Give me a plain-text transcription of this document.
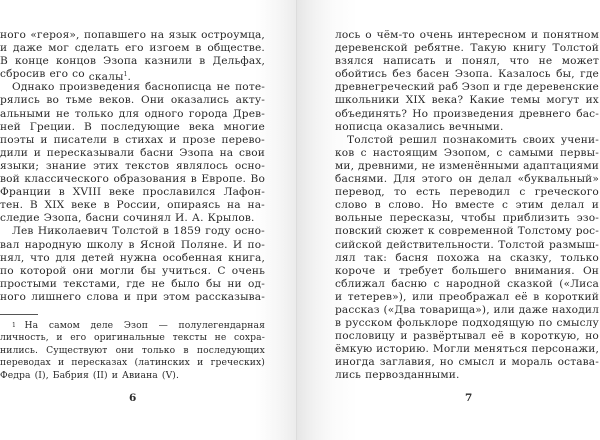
ного «героя», попавшего на язык остроумца,
и даже мог сделать его изгоем в обществе.
В конце концов Эзопа казнили в Дельфах,
сбросив его со скалы$^1$.
Однако произведения баснописца не поте-
рялись во тьме веков. Они оказались акту-
альными не только для одного города Древ-
ней Греции. В последующие века многие
поэты и писатели в стихах и прозе перево-
дили и пересказывали басни Эзопа на свои
языки; знание этих текстов являлось осно-
вой классического образования в Европе. Во
Франции в XVIII веке прославился Лафон-
тен. В XIX веке в России, опираясь на на-
следие Эзопа, басни сочинял И. А. Крылов.
Лев Николаевич Толстой в 1859 году осно-
вал народную школу в Ясной Поляне. И по-
нял, что для детей нужна особенная книга,
по которой они могли бы учиться. С очень
простыми текстами, где не было бы ни од-
ного лишнего слова и при этом рассказыва-
1 На самом деле Эзоп — полулегендарная
личность, и его оригинальные тексты не сохра-
нились. Существуют они только в последующих
переводах и пересказах (латинских и греческих)
Федра (I), Бабрия (II) и Авиана (V).
6
лось о чём-то очень интересном и понятном
деревенской ребятне. Такую книгу Толстой
взялся написать и понял, что не может
обойтись без басен Эзопа. Казалось бы, где
древнегреческий раб Эзоп и где деревенские
школьники XIX века? Какие темы могут их
объединять? Но произведения древнего бас-
нописца оказались вечными.
Толстой решил познакомить своих учени-
ков с настоящим Эзопом, с самыми первы-
ми, древними, не изменёнными адаптациями
баснями. Для этого он делал «буквальный»
перевод, то есть переводил с греческого
слово в слово. Но вместе с этим делал и
вольные пересказы, чтобы приблизить эзо-
повский сюжет к современной Толстому рос-
сийской действительности. Толстой размыш-
лял так: басня похожа на сказку, только
короче и требует большего внимания. Он
сближал басню с народной сказкой («Лиса
и тетерев»), или преображал её в короткий
рассказ («Два товарища»), или даже находил
в русском фольклоре подходящую по смыслу
пословицу и развёртывал её в короткую, но
ёмкую историю. Могли меняться персонажи,
иногда заглавия, но смысл и мораль остава-
лись первозданными.
7
